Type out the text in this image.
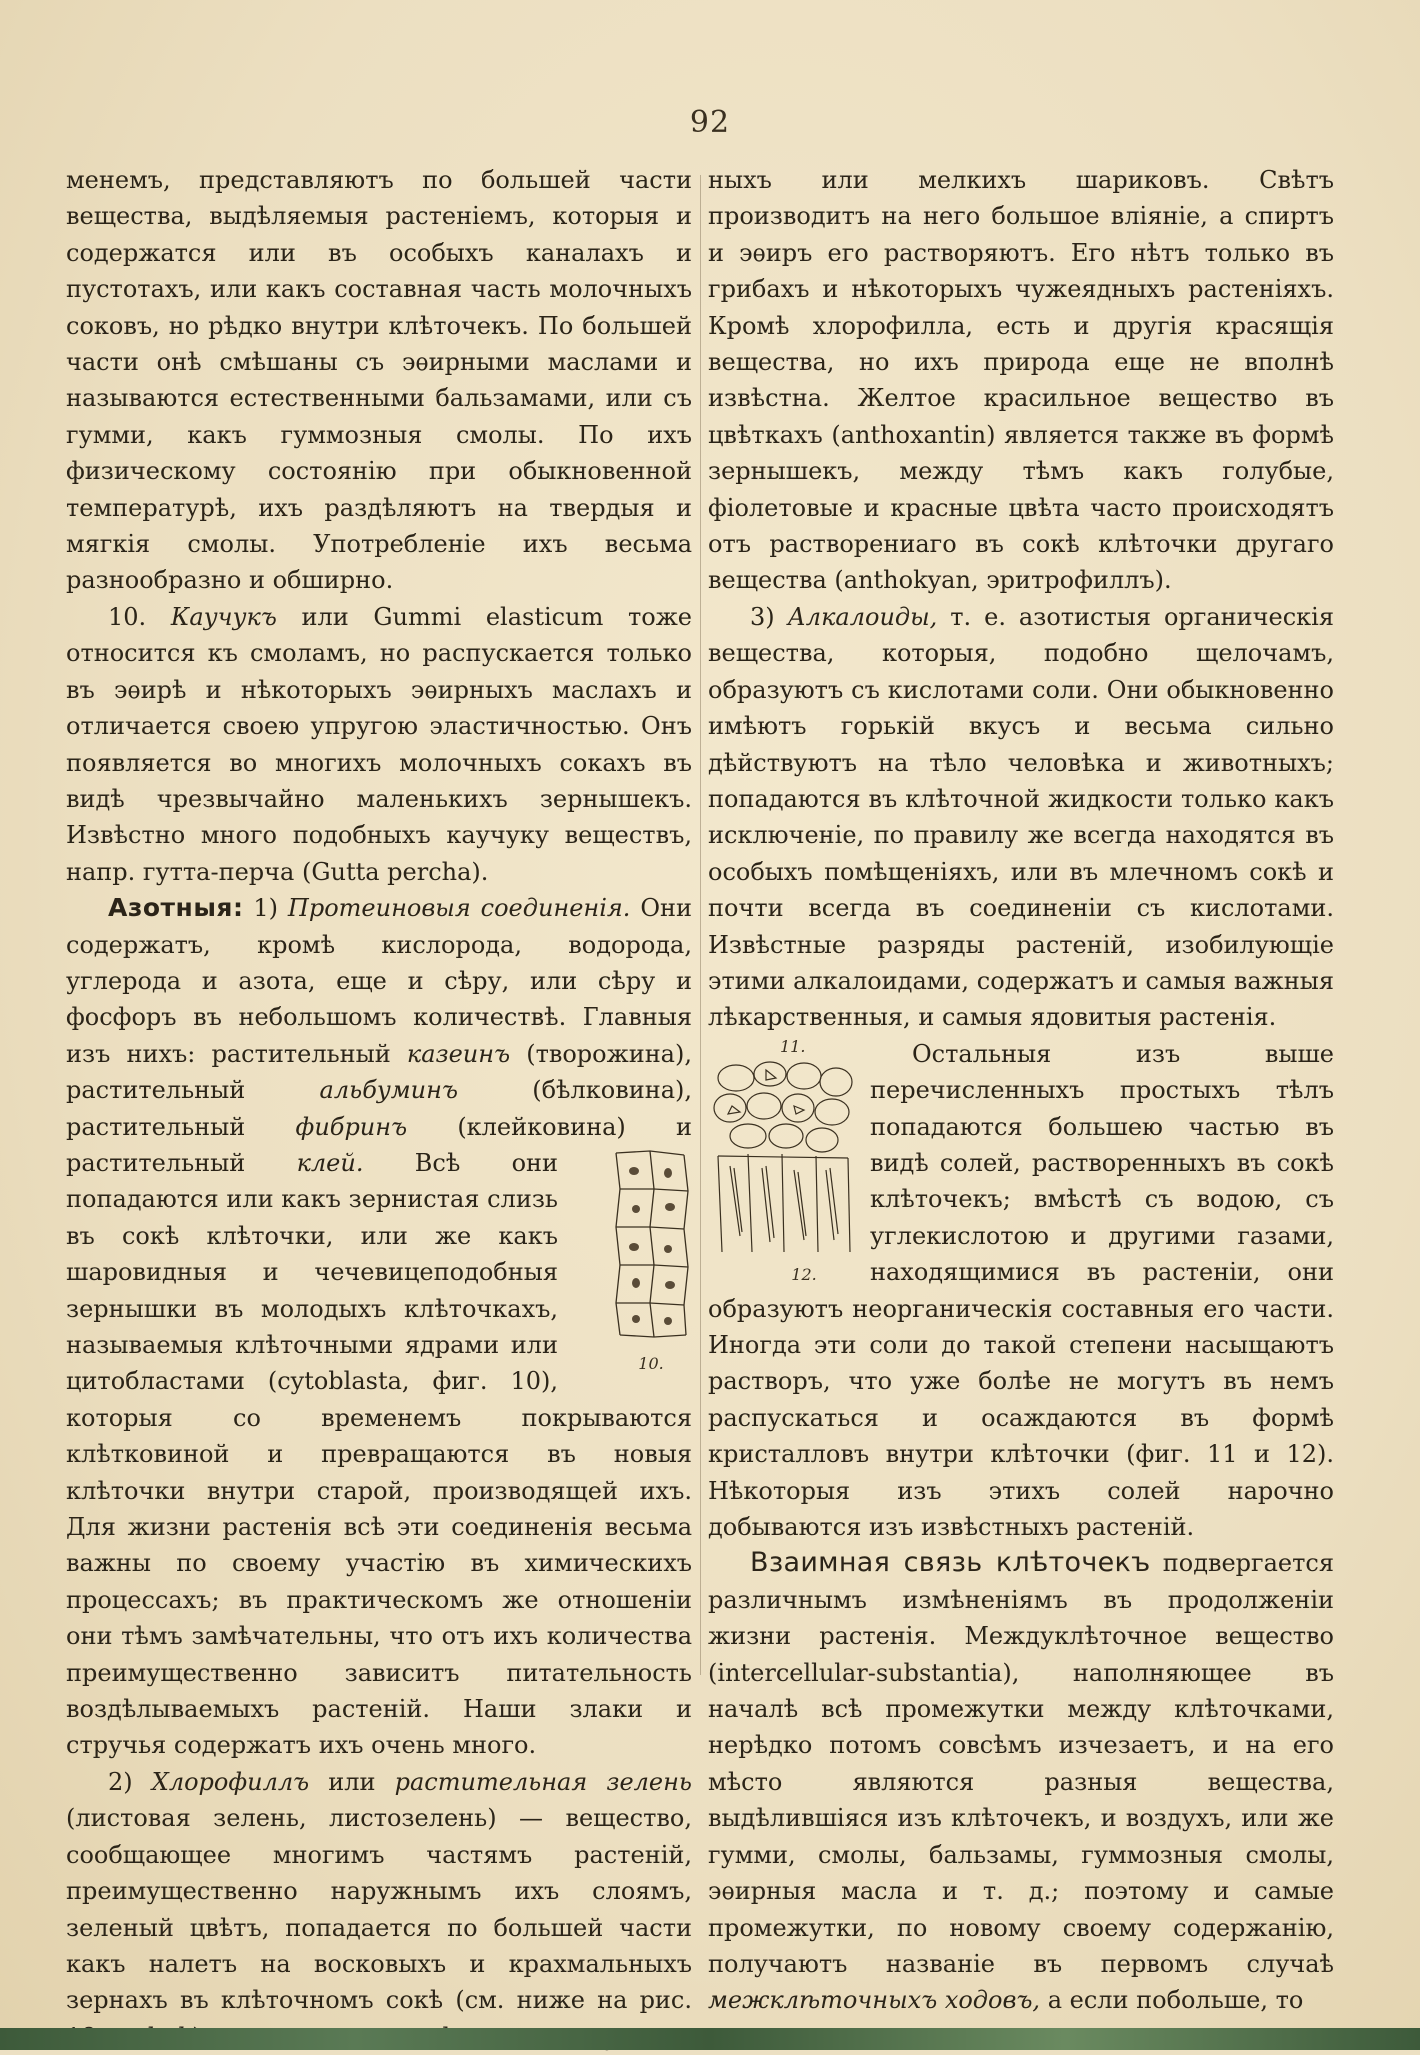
92

менемъ, представляютъ по большей части вещества, выдѣляемыя растеніемъ, которыя и содержатся или въ особыхъ каналахъ и пустотахъ, или какъ составная часть молочныхъ соковъ, но рѣдко внутри клѣточекъ. По большей части онѣ смѣшаны съ эѳирными маслами и называются естественными бальзамами, или съ гумми, какъ гуммозныя смолы. По ихъ физическому состоянію при обыкновенной температурѣ, ихъ раздѣляютъ на твердыя и мягкія смолы. Употребленіе ихъ весьма разнообразно и обширно.

10. Каучукъ или Gummi elasticum тоже относится къ смоламъ, но распускается только въ эѳирѣ и нѣкоторыхъ эѳирныхъ маслахъ и отличается своею упругою эластичностью. Онъ появляется во многихъ молочныхъ сокахъ въ видѣ чрезвычайно маленькихъ зернышекъ. Извѣстно много подобныхъ каучуку веществъ, напр. гутта-перча (Gutta percha).

Азотныя: 1) Протеиновыя соединенія. Они содержатъ, кромѣ кислорода, водорода, углерода и азота, еще и сѣру, или сѣру и фосфоръ въ небольшомъ количествѣ. Главныя изъ нихъ: растительный казеинъ (творожина), растительный альбуминъ (бѣлковина), растительный фибринъ (клейковина) и растительный клей.
10.
Всѣ они попадаются или какъ зернистая слизь въ сокѣ клѣточки, или же какъ шаровидныя и чечевицеподобныя зернышки въ молодыхъ клѣточкахъ, называемыя клѣточными ядрами или цитобластами (cytoblasta, фиг. 10), которыя со временемъ покрываются клѣтковиной и превращаются въ новыя клѣточки внутри старой, производящей ихъ. Для жизни растенія всѣ эти соединенія весьма важны по своему участію въ химическихъ процессахъ; въ практическомъ же отношеніи они тѣмъ замѣчательны, что отъ ихъ количества преимущественно зависитъ питательность воздѣлываемыхъ растеній. Наши злаки и стручья содержатъ ихъ очень много.

2) Хлорофиллъ или растительная зелень (листовая зелень, листозелень) — вещество, сообщающее многимъ частямъ растеній, преимущественно наружнымъ ихъ слоямъ, зеленый цвѣтъ, попадается по большей части какъ налетъ на восковыхъ и крахмальныхъ зернахъ въ клѣточномъ сокѣ (см. ниже на рис.

ныхъ или мелкихъ шариковъ. Свѣтъ производитъ на него большое вліяніе, а спиртъ и эѳиръ его растворяютъ. Его нѣтъ только въ грибахъ и нѣкоторыхъ чужеядныхъ растеніяхъ. Кромѣ хлорофилла, есть и другія красящія вещества, но ихъ природа еще не вполнѣ извѣстна. Желтое красильное вещество въ цвѣткахъ (anthoxantin) является также въ формѣ зернышекъ, между тѣмъ какъ голубые, фіолетовые и красные цвѣта часто происходятъ отъ растворениаго въ сокѣ клѣточки другаго вещества (anthokyan, эритрофиллъ).

3) Алкалоиды, т. е. азотистыя органическія вещества, которыя, подобно щелочамъ, образуютъ съ кислотами соли. Они обыкновенно имѣютъ горькій вкусъ и весьма сильно дѣйствуютъ на тѣло человѣка и животныхъ; попадаются въ клѣточной жидкости только какъ исключеніе, по правилу же всегда находятся въ особыхъ помѣщеніяхъ, или въ млечномъ сокѣ и почти всегда въ соединеніи съ кислотами. Извѣстные разряды растеній, изобилующіе этими алкалоидами, содержатъ и самыя важныя лѣкарственныя, и самыя ядовитыя растенія.

11.
12.
Остальныя изъ выше перечисленныхъ простыхъ тѣлъ попадаются большею частью въ видѣ солей, растворенныхъ въ сокѣ клѣточекъ; вмѣстѣ съ водою, съ углекислотою и другими газами, находящимися въ растеніи, они образуютъ неорганическія составныя его части. Иногда эти соли до такой степени насыщаютъ растворъ, что уже болѣе не могутъ въ немъ распускаться и осаждаются въ формѣ кристалловъ внутри клѣточки (фиг. 11 и 12). Нѣкоторыя изъ этихъ солей нарочно добываются изъ извѣстныхъ растеній.

Взаимная связь клѣточекъ подвергается различнымъ измѣненіямъ въ продолженіи жизни растенія. Междуклѣточное вещество (intercellular-substantia), наполняющее въ началѣ всѣ промежутки между клѣточками, нерѣдко потомъ совсѣмъ изчезаетъ, и на его мѣсто являются разныя вещества, выдѣлившіяся изъ клѣточекъ, и воздухъ, или же гумми, смолы, бальзамы, гуммозныя смолы, эѳирныя масла и т. д.; поэтому и самые промежутки, по новому своему содержанію, получаютъ названіе въ первомъ случаѣ межклѣточныхъ ходовъ, а если побольше, то
